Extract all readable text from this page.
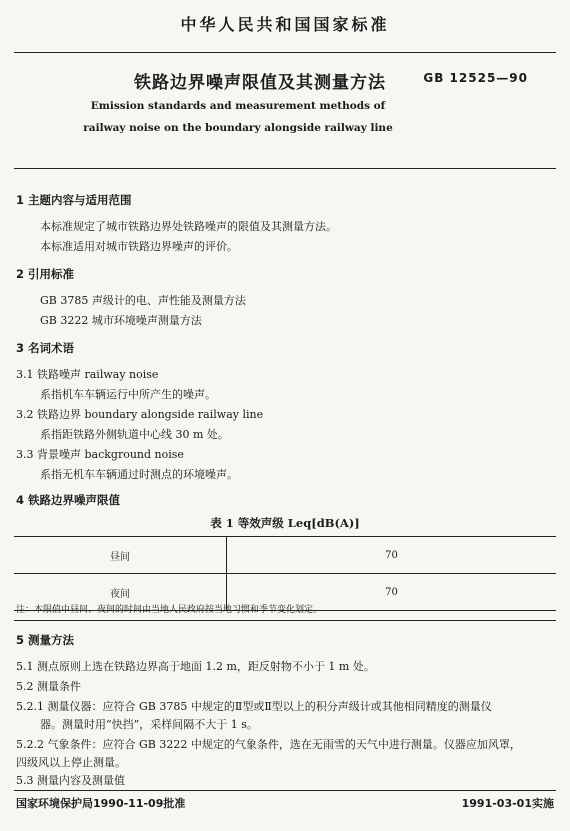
中华人民共和国国家标准
铁路边界噪声限值及其测量方法	GB 12525—90
Emission standards and measurement methods of
railway noise on the boundary alongside railway line
1 主题内容与适用范围
本标准规定了城市铁路边界处铁路噪声的限值及其测量方法。
本标准适用对城市铁路边界噪声的评价。
2 引用标准
GB 3785 声级计的电、声性能及测量方法
GB 3222 城市环境噪声测量方法
3 名词术语
3.1 铁路噪声 railway noise
系指机车车辆运行中所产生的噪声。
3.2 铁路边界 boundary alongside railway line
系指距铁路外侧轨道中心线 30 m 处。
3.3 背景噪声 background noise
系指无机车车辆通过时测点的环境噪声。
4 铁路边界噪声限值
表 1 等效声级 Leq[dB(A)]
昼间	70
夜间	70
注：本限值中昼间、夜间的时间由当地人民政府按当地习惯和季节变化划定。
5 测量方法
5.1 测点原则上选在铁路边界高于地面 1.2 m，距反射物不小于 1 m 处。
5.2 测量条件
5.2.1 测量仪器：应符合 GB 3785 中规定的Ⅱ型或Ⅱ型以上的积分声级计或其他相同精度的测量仪
器。测量时用“快挡”，采样间隔不大于 1 s。
5.2.2 气象条件：应符合 GB 3222 中规定的气象条件，选在无雨雪的天气中进行测量。仪器应加风罩，
四级风以上停止测量。
5.3 测量内容及测量值
国家环境保护局1990-11-09批准	1991-03-01实施
